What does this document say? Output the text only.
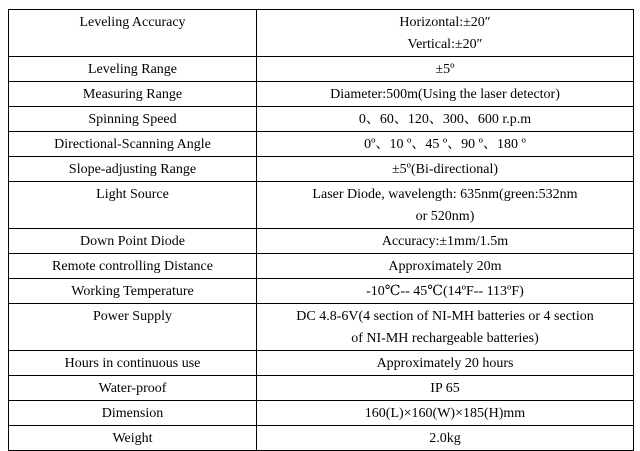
Leveling Accuracy	Horizontal:±20″
Vertical:±20″

Leveling Range	±5º

Measuring Range	Diameter:500m(Using the laser detector)

Spinning Speed	0、60、120、300、600 r.p.m

Directional-Scanning Angle	0º、10 º、45 º、90 º、180 º

Slope-adjusting Range	±5º(Bi-directional)

Light Source	Laser Diode, wavelength: 635nm(green:532nm
or 520nm)

Down Point Diode	Accuracy:±1mm/1.5m

Remote controlling Distance	Approximately 20m

Working Temperature	-10℃-- 45℃(14ºF-- 113ºF)

Power Supply	DC 4.8-6V(4 section of NI-MH batteries or 4 section
of NI-MH rechargeable batteries)

Hours in continuous use	Approximately 20 hours

Water-proof	IP 65

Dimension	160(L)×160(W)×185(H)mm

Weight	2.0kg
